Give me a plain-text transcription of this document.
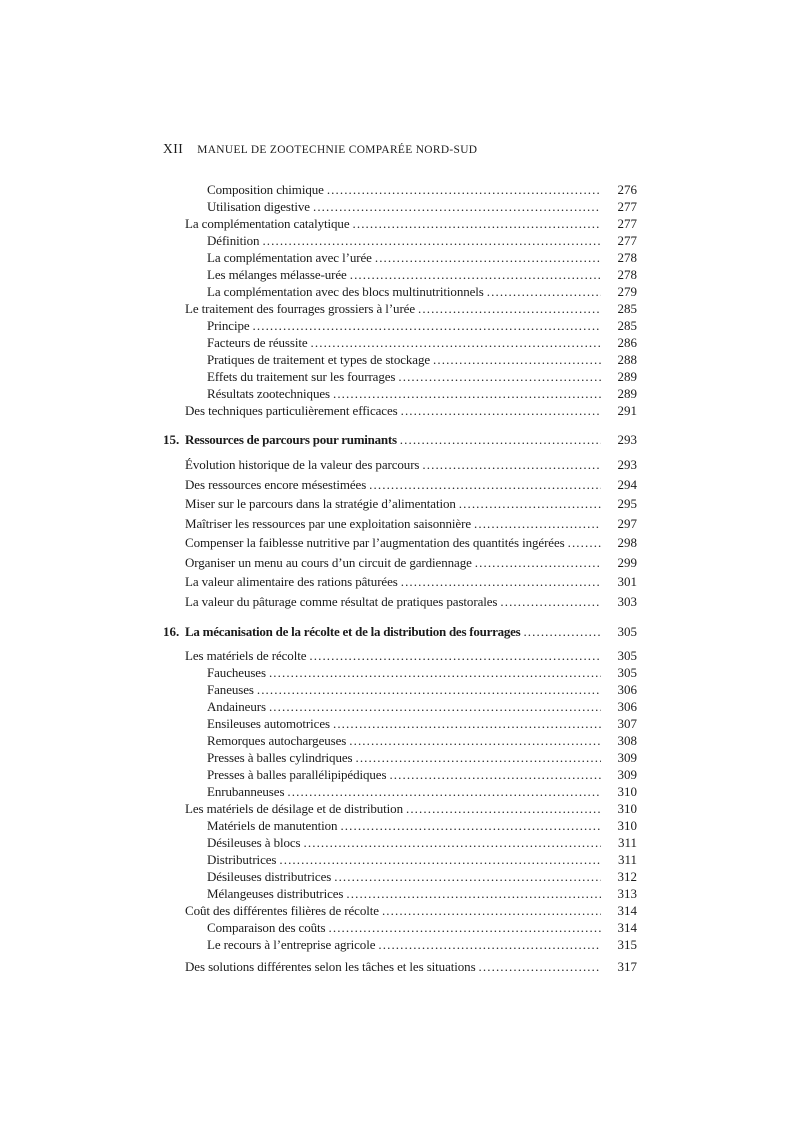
XII MANUEL DE ZOOTECHNIE COMPARÉE NORD-SUD
Composition chimique .....	276
Utilisation digestive .....	277
La complémentation catalytique .....	277
Définition .....	277
La complémentation avec l’urée .....	278
Les mélanges mélasse-urée .....	278
La complémentation avec des blocs multinutritionnels .....	279
Le traitement des fourrages grossiers à l’urée .....	285
Principe .....	285
Facteurs de réussite .....	286
Pratiques de traitement et types de stockage .....	288
Effets du traitement sur les fourrages .....	289
Résultats zootechniques .....	289
Des techniques particulièrement efficaces .....	291
15. Ressources de parcours pour ruminants .....	293
Évolution historique de la valeur des parcours .....	293
Des ressources encore mésestimées .....	294
Miser sur le parcours dans la stratégie d’alimentation .....	295
Maîtriser les ressources par une exploitation saisonnière .....	297
Compenser la faiblesse nutritive par l’augmentation des quantités ingérées .....	298
Organiser un menu au cours d’un circuit de gardiennage .....	299
La valeur alimentaire des rations pâturées .....	301
La valeur du pâturage comme résultat de pratiques pastorales .....	303
16. La mécanisation de la récolte et de la distribution des fourrages .....	305
Les matériels de récolte .....	305
Faucheuses .....	305
Faneuses .....	306
Andaineurs .....	306
Ensileuses automotrices .....	307
Remorques autochargeuses .....	308
Presses à balles cylindriques .....	309
Presses à balles parallélipipédiques .....	309
Enrubanneuses .....	310
Les matériels de désilage et de distribution .....	310
Matériels de manutention .....	310
Désileuses à blocs .....	311
Distributrices .....	311
Désileuses distributrices .....	312
Mélangeuses distributrices .....	313
Coût des différentes filières de récolte .....	314
Comparaison des coûts .....	314
Le recours à l’entreprise agricole .....	315
Des solutions différentes selon les tâches et les situations .....	317
